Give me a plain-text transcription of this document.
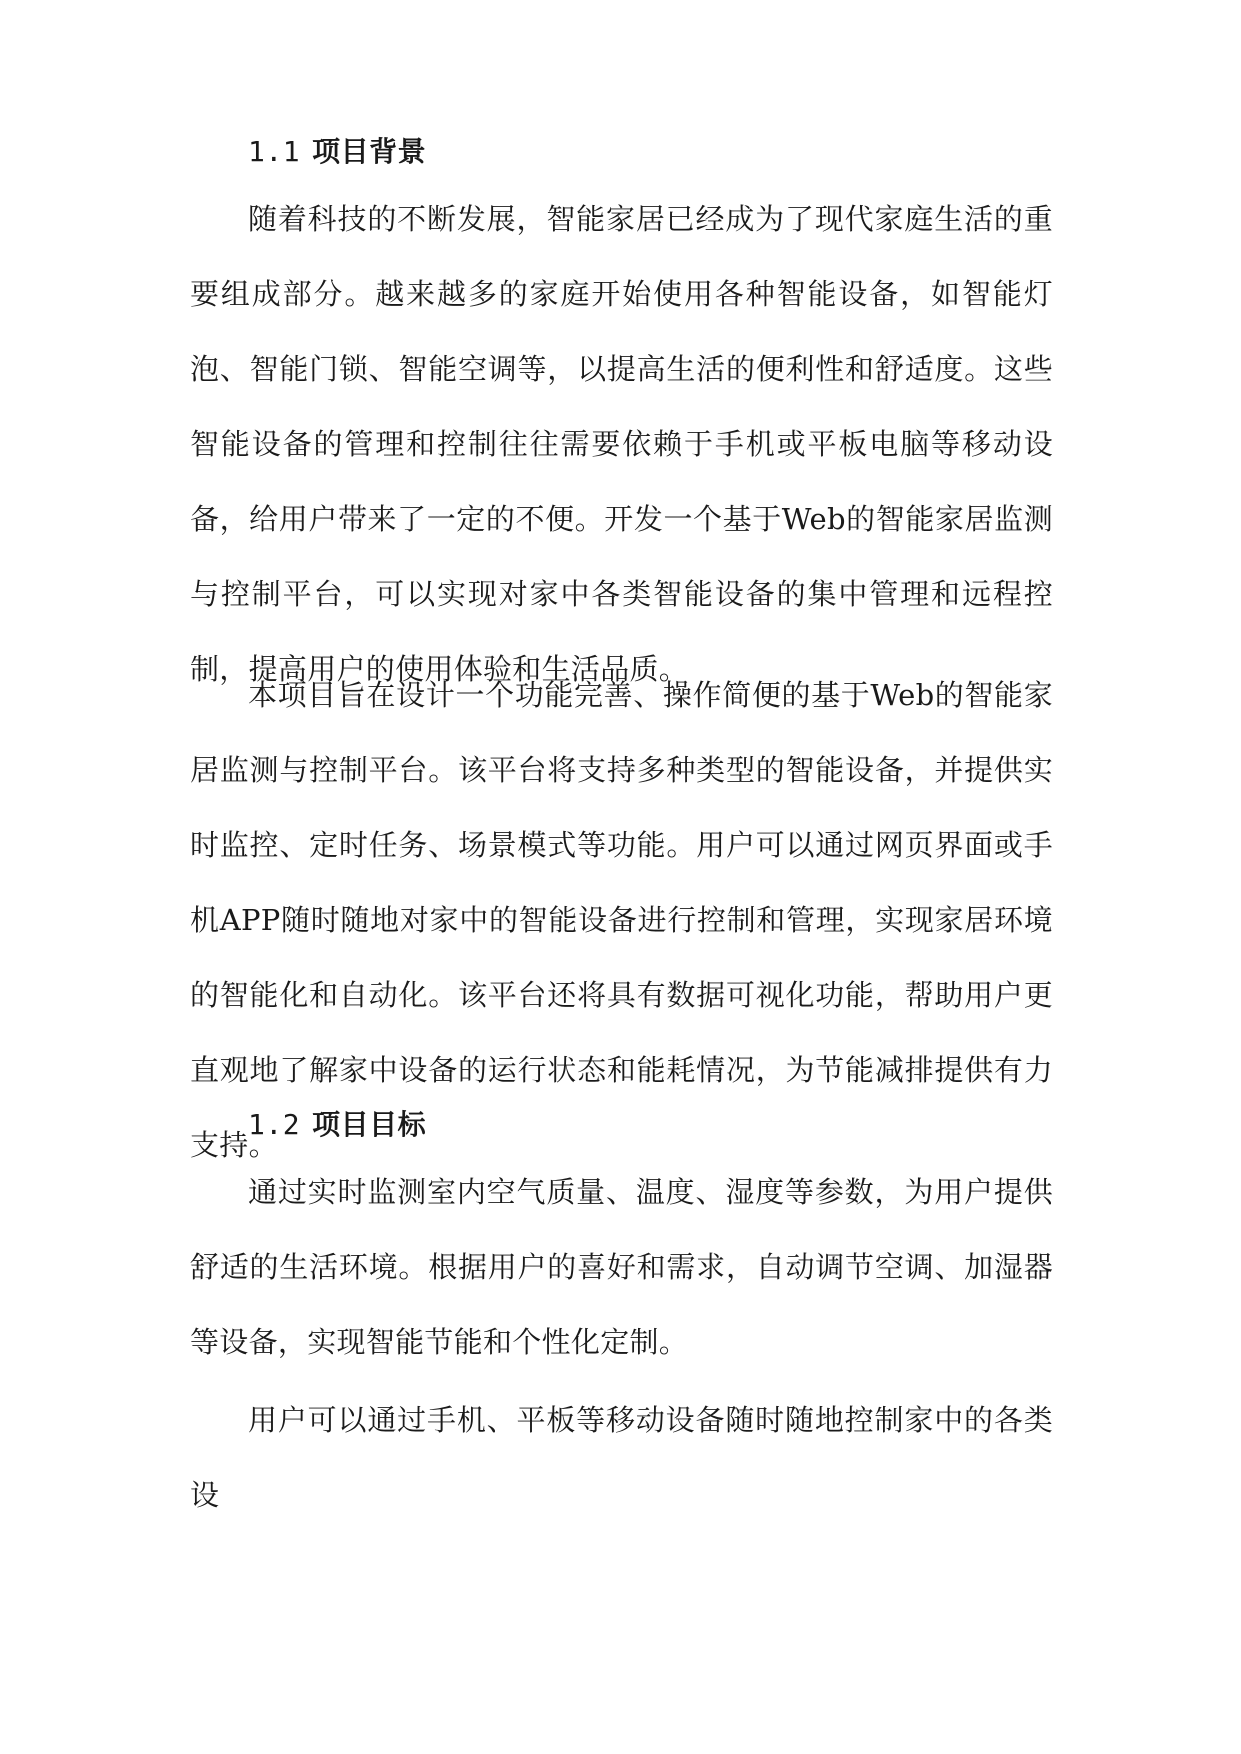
1.1 项目背景

随着科技的不断发展，智能家居已经成为了现代家庭生活的重要组成部分。越来越多的家庭开始使用各种智能设备，如智能灯泡、智能门锁、智能空调等，以提高生活的便利性和舒适度。这些智能设备的管理和控制往往需要依赖于手机或平板电脑等移动设备，给用户带来了一定的不便。开发一个基于Web的智能家居监测与控制平台，可以实现对家中各类智能设备的集中管理和远程控制，提高用户的使用体验和生活品质。

本项目旨在设计一个功能完善、操作简便的基于Web的智能家居监测与控制平台。该平台将支持多种类型的智能设备，并提供实时监控、定时任务、场景模式等功能。用户可以通过网页界面或手机APP随时随地对家中的智能设备进行控制和管理，实现家居环境的智能化和自动化。该平台还将具有数据可视化功能，帮助用户更直观地了解家中设备的运行状态和能耗情况，为节能减排提供有力支持。

1.2 项目目标

通过实时监测室内空气质量、温度、湿度等参数，为用户提供舒适的生活环境。根据用户的喜好和需求，自动调节空调、加湿器等设备，实现智能节能和个性化定制。

用户可以通过手机、平板等移动设备随时随地控制家中的各类设
